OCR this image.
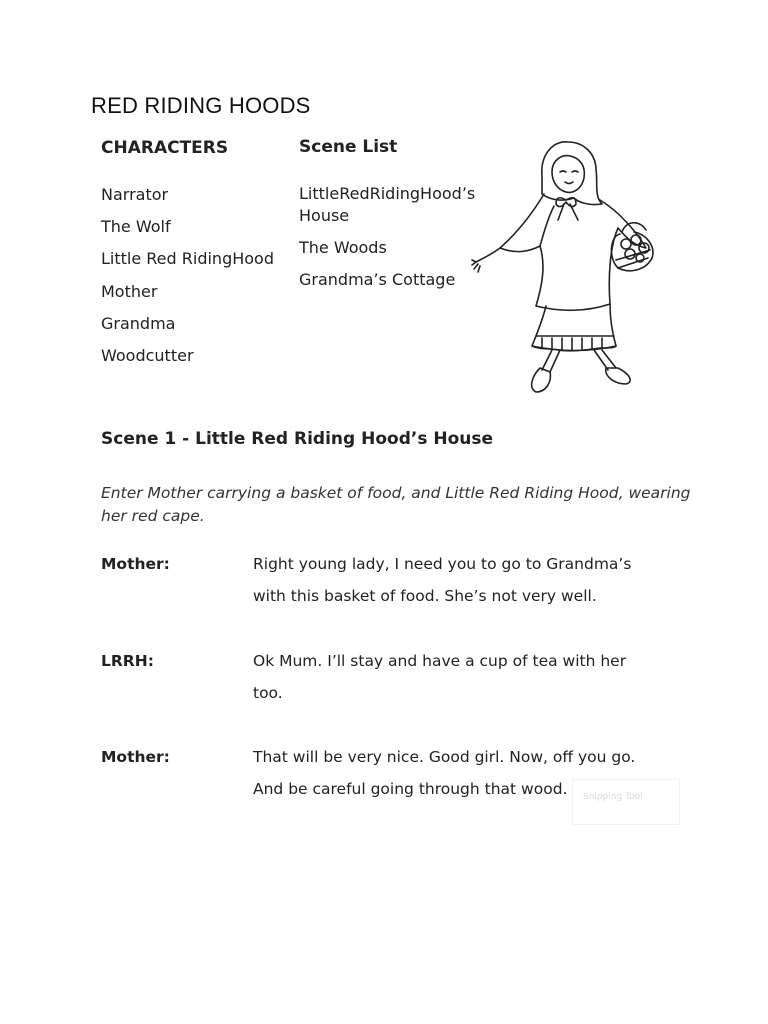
RED RIDING HOODS
CHARACTERS
Narrator
The Wolf
Little Red RidingHood
Mother
Grandma
Woodcutter
Scene List
LittleRedRidingHood’s House
The Woods
Grandma’s Cottage
Scene 1 - Little Red Riding Hood’s House
Enter Mother carrying a basket of food, and Little Red Riding Hood, wearing her red cape.
Mother:	Right young lady, I need you to go to Grandma’s with this basket of food. She’s not very well.
LRRH:	Ok Mum. I’ll stay and have a cup of tea with her too.
Mother:	That will be very nice. Good girl. Now, off you go. And be careful going through that wood.	Snipping Tool
